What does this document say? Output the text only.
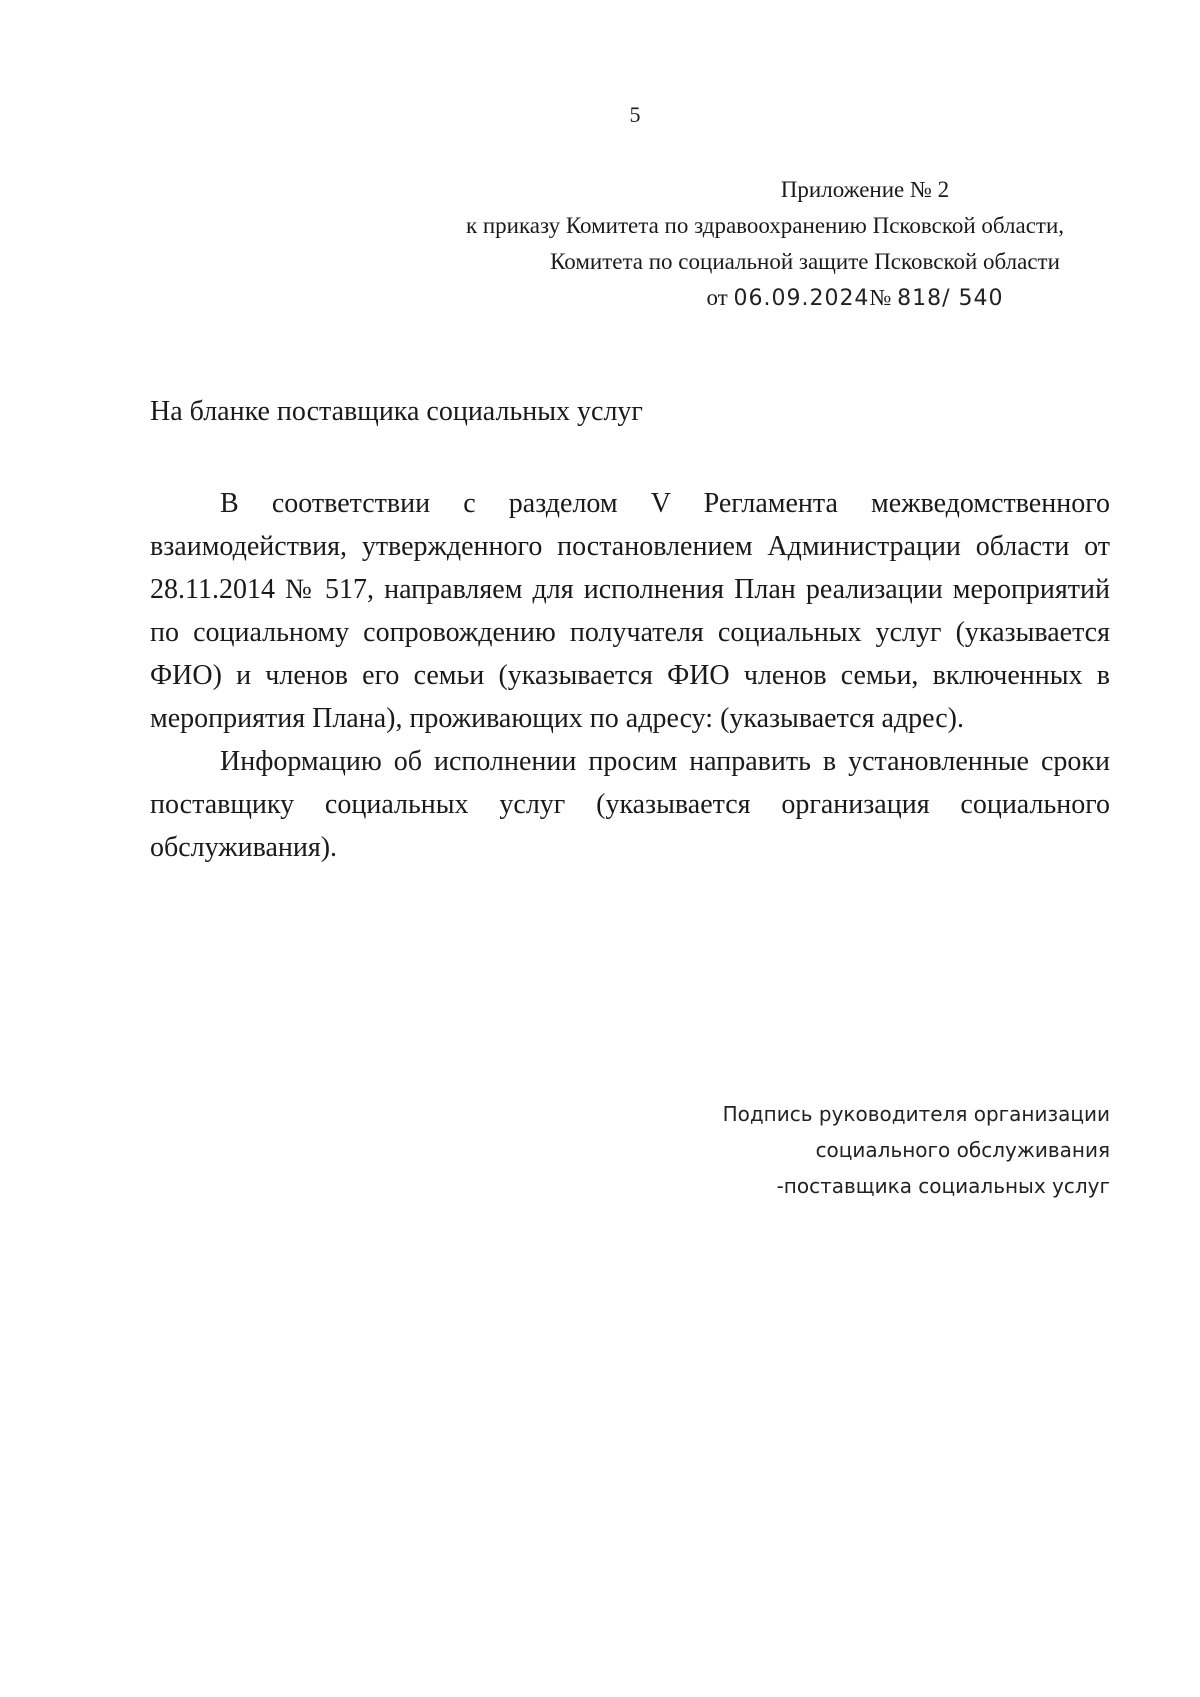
5
Приложение № 2
к приказу Комитета по здравоохранению Псковской области,
Комитета по социальной защите Псковской области
от 06.09.2024№ 818/ 540
На бланке поставщика социальных услуг

В соответствии с разделом V Регламента межведомственного взаимодействия, утвержденного постановлением Администрации области от 28.11.2014 № 517, направляем для исполнения План реализации мероприятий по социальному сопровождению получателя социальных услуг (указывается ФИО) и членов его семьи (указывается ФИО членов семьи, включенных в мероприятия Плана), проживающих по адресу: (указывается адрес).

Информацию об исполнении просим направить в установленные сроки поставщику социальных услуг (указывается организация социального обслуживания).

Подпись руководителя организации
социального обслуживания
-поставщика социальных услуг
